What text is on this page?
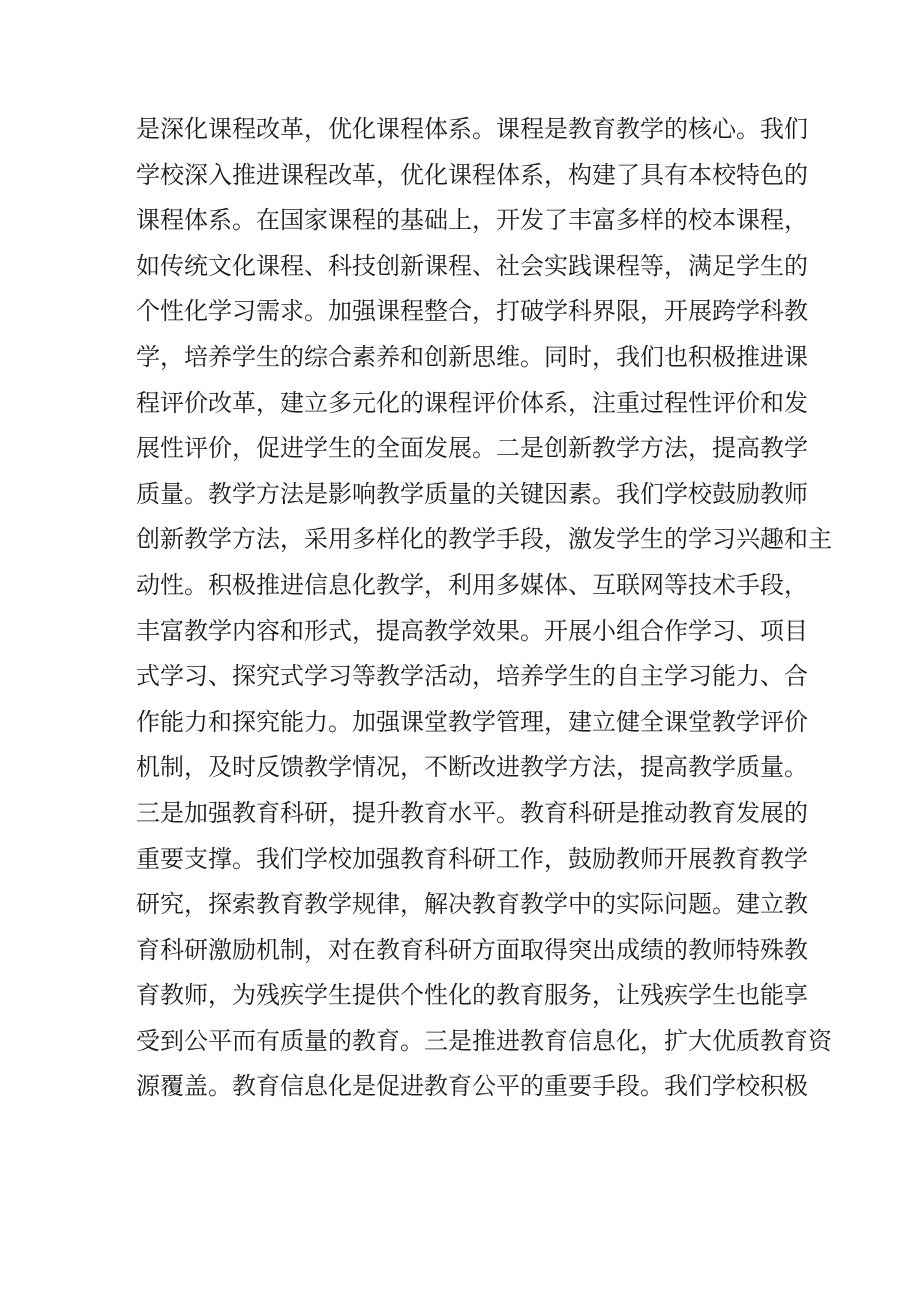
是深化课程改革，优化课程体系。课程是教育教学的核心。我们
学校深入推进课程改革，优化课程体系，构建了具有本校特色的
课程体系。在国家课程的基础上，开发了丰富多样的校本课程，
如传统文化课程、科技创新课程、社会实践课程等，满足学生的
个性化学习需求。加强课程整合，打破学科界限，开展跨学科教
学，培养学生的综合素养和创新思维。同时，我们也积极推进课
程评价改革，建立多元化的课程评价体系，注重过程性评价和发
展性评价，促进学生的全面发展。二是创新教学方法，提高教学
质量。教学方法是影响教学质量的关键因素。我们学校鼓励教师
创新教学方法，采用多样化的教学手段，激发学生的学习兴趣和主
动性。积极推进信息化教学，利用多媒体、互联网等技术手段，
丰富教学内容和形式，提高教学效果。开展小组合作学习、项目
式学习、探究式学习等教学活动，培养学生的自主学习能力、合
作能力和探究能力。加强课堂教学管理，建立健全课堂教学评价
机制，及时反馈教学情况，不断改进教学方法，提高教学质量。
三是加强教育科研，提升教育水平。教育科研是推动教育发展的
重要支撑。我们学校加强教育科研工作，鼓励教师开展教育教学
研究，探索教育教学规律，解决教育教学中的实际问题。建立教
育科研激励机制，对在教育科研方面取得突出成绩的教师特殊教
育教师，为残疾学生提供个性化的教育服务，让残疾学生也能享
受到公平而有质量的教育。三是推进教育信息化，扩大优质教育资
源覆盖。教育信息化是促进教育公平的重要手段。我们学校积极
